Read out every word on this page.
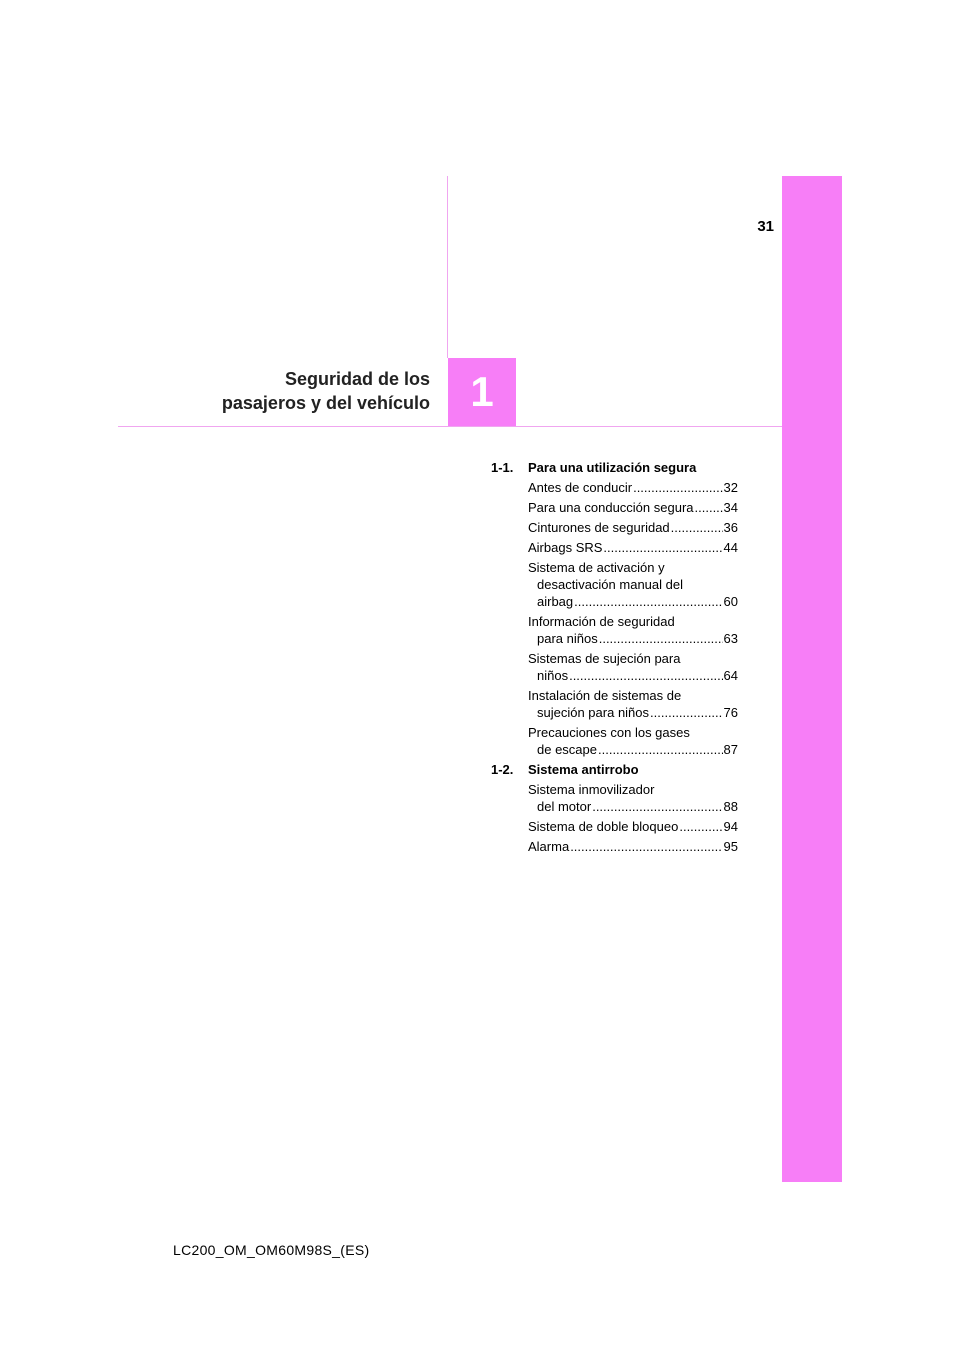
31
1
Seguridad de los
pasajeros y del vehículo
1-1.	Para una utilización segura
Antes de conducir .....	32
Para una conducción segura ..... 34
Cinturones de seguridad .....	36
Airbags SRS .....	44
Sistema de activación y
desactivación manual del
airbag .....	60
Información de seguridad
para niños .....	63
Sistemas de sujeción para
niños .....	64
Instalación de sistemas de
sujeción para niños .....	76
Precauciones con los gases
de escape .....	87
1-2.	Sistema antirrobo
Sistema inmovilizador
del motor .....	88
Sistema de doble bloqueo .....	94
Alarma .....	95
LC200_OM_OM60M98S_(ES)
